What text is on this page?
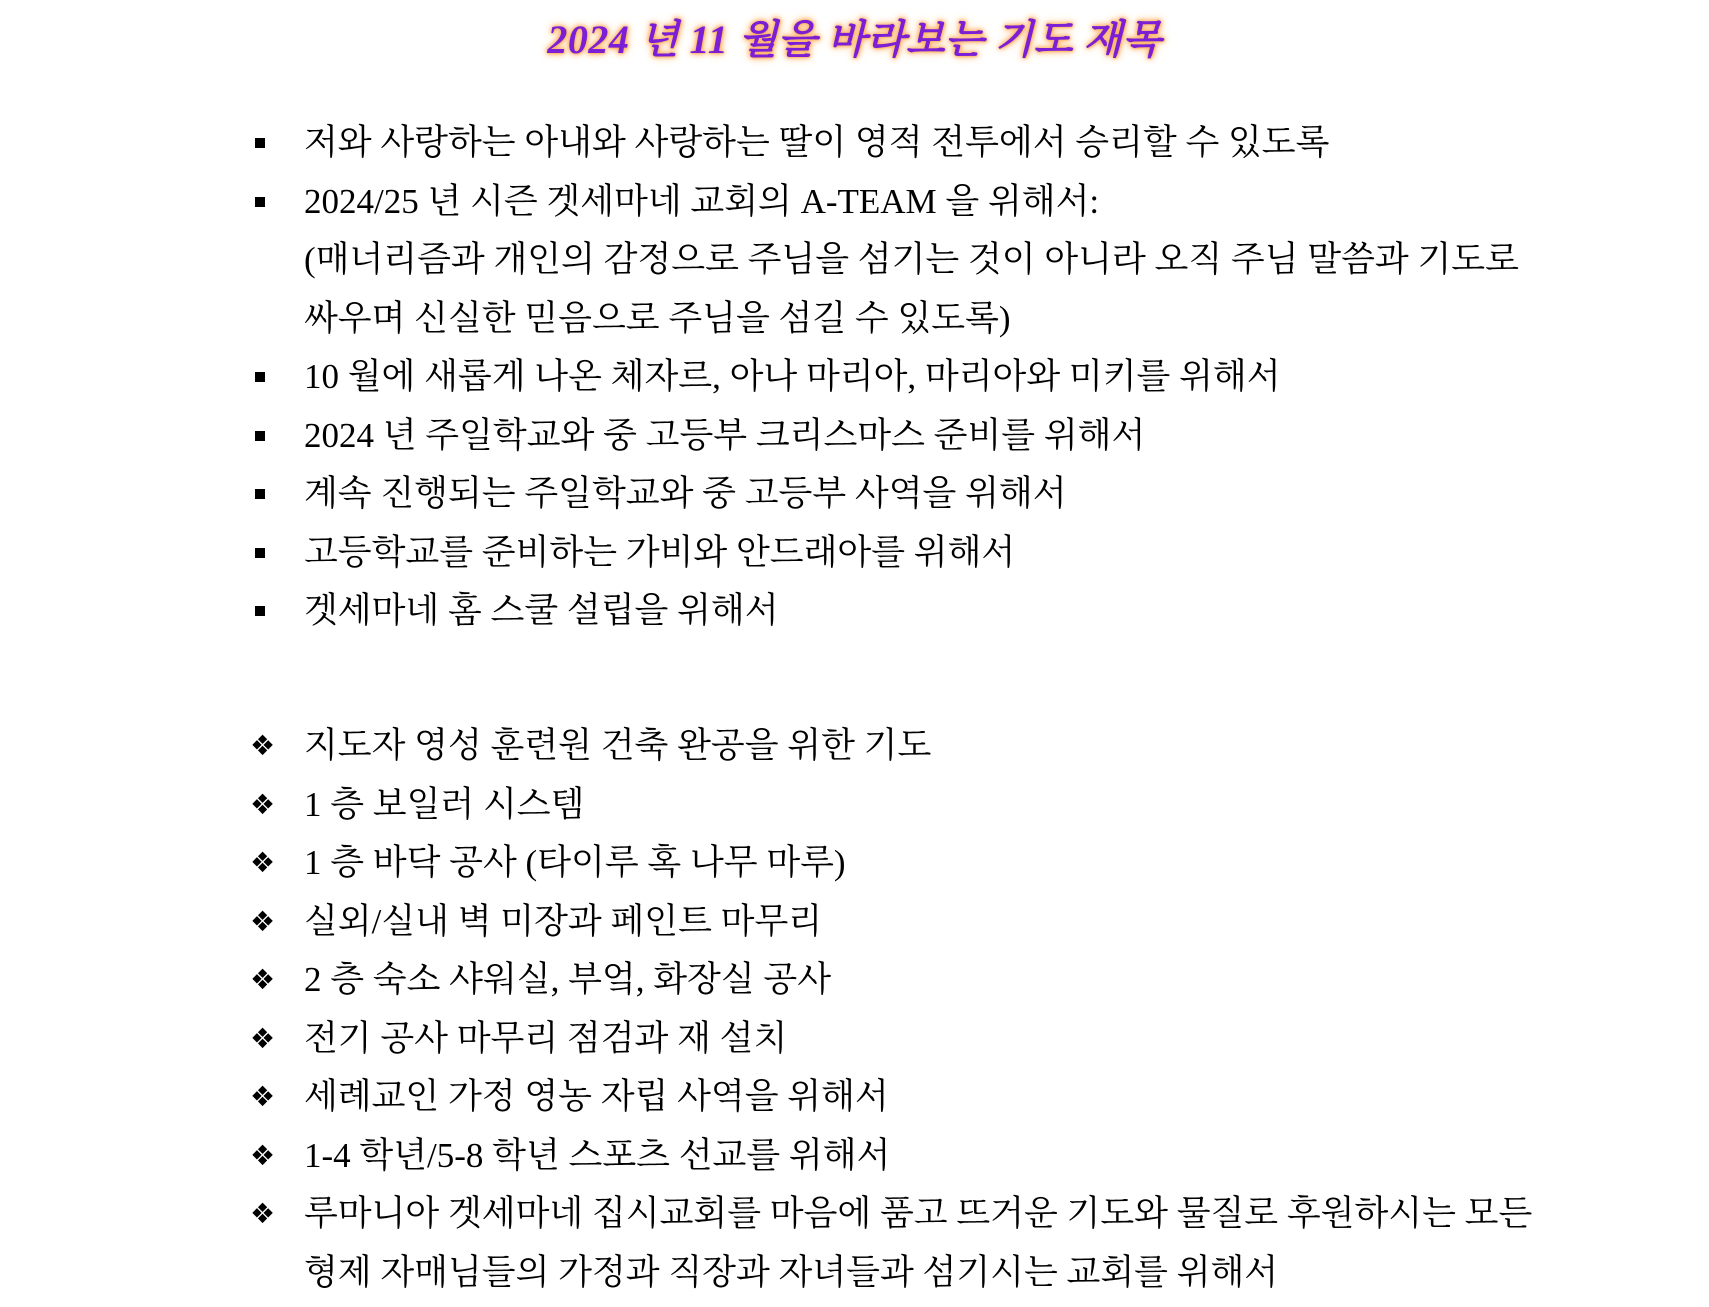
2024 년 11 월을 바라보는 기도 재목
저와 사랑하는 아내와 사랑하는 딸이 영적 전투에서 승리할 수 있도록
2024/25 년 시즌 겟세마네 교회의 A-TEAM 을 위해서:
(매너리즘과 개인의 감정으로 주님을 섬기는 것이 아니라 오직 주님 말씀과 기도로
싸우며 신실한 믿음으로 주님을 섬길 수 있도록)
10 월에 새롭게 나온 체자르, 아나 마리아, 마리아와 미키를 위해서
2024 년 주일학교와 중 고등부 크리스마스 준비를 위해서
계속 진행되는 주일학교와 중 고등부 사역을 위해서
고등학교를 준비하는 가비와 안드래아를 위해서
겟세마네 홈 스쿨 설립을 위해서
❖ 지도자 영성 훈련원 건축 완공을 위한 기도
❖ 1 층 보일러 시스템
❖ 1 층 바닥 공사 (타이루 혹 나무 마루)
❖ 실외/실내 벽 미장과 페인트 마무리
❖ 2 층 숙소 샤워실, 부엌, 화장실 공사
❖ 전기 공사 마무리 점검과 재 설치
❖ 세례교인 가정 영농 자립 사역을 위해서
❖ 1-4 학년/5-8 학년 스포츠 선교를 위해서
❖ 루마니아 겟세마네 집시교회를 마음에 품고 뜨거운 기도와 물질로 후원하시는 모든
형제 자매님들의 가정과 직장과 자녀들과 섬기시는 교회를 위해서
